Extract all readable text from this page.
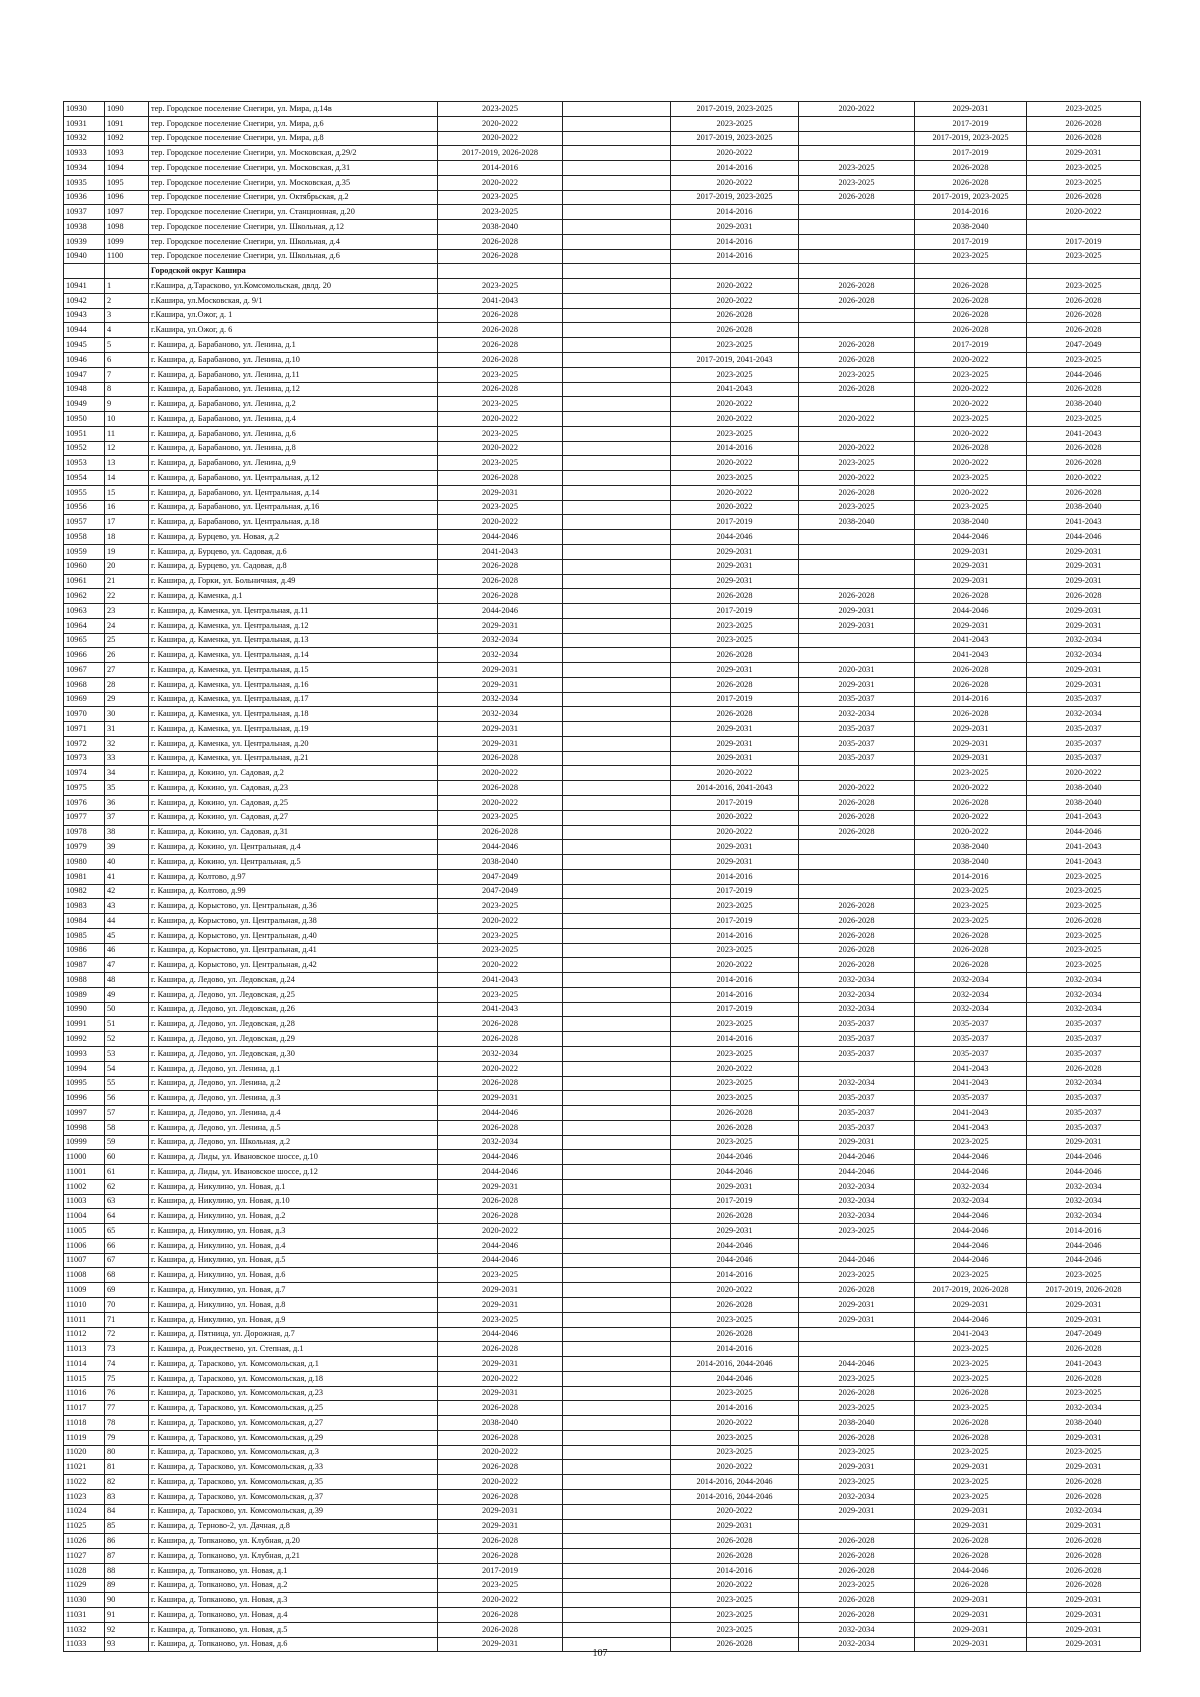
10930	1090	тер. Городское поселение Снегири, ул. Мира, д.14в	2023-2025		2017-2019, 2023-2025	2020-2022	2029-2031	2023-2025
10931	1091	тер. Городское поселение Снегири, ул. Мира, д.6	2020-2022		2023-2025		2017-2019	2026-2028
10932	1092	тер. Городское поселение Снегири, ул. Мира, д.8	2020-2022		2017-2019, 2023-2025		2017-2019, 2023-2025	2026-2028
10933	1093	тер. Городское поселение Снегири, ул. Московская, д.29/2	2017-2019, 2026-2028		2020-2022		2017-2019	2029-2031
10934	1094	тер. Городское поселение Снегири, ул. Московская, д.31	2014-2016		2014-2016	2023-2025	2026-2028	2023-2025
10935	1095	тер. Городское поселение Снегири, ул. Московская, д.35	2020-2022		2020-2022	2023-2025	2026-2028	2023-2025
10936	1096	тер. Городское поселение Снегири, ул. Октябрьская, д.2	2023-2025		2017-2019, 2023-2025	2026-2028	2017-2019, 2023-2025	2026-2028
10937	1097	тер. Городское поселение Снегири, ул. Станционная, д.20	2023-2025		2014-2016		2014-2016	2020-2022
10938	1098	тер. Городское поселение Снегири, ул. Школьная, д.12	2038-2040		2029-2031		2038-2040	
10939	1099	тер. Городское поселение Снегири, ул. Школьная, д.4	2026-2028		2014-2016		2017-2019	2017-2019
10940	1100	тер. Городское поселение Снегири, ул. Школьная, д.6	2026-2028		2014-2016		2023-2025	2023-2025
		Городской округ Кашира						
10941	1	г.Кашира, д.Тарасково, ул.Комсомольская, двлд. 20	2023-2025		2020-2022	2026-2028	2026-2028	2023-2025
10942	2	г.Кашира, ул.Московская, д. 9/1	2041-2043		2020-2022	2026-2028	2026-2028	2026-2028
10943	3	г.Кашира, ул.Ожог, д. 1	2026-2028		2026-2028		2026-2028	2026-2028
10944	4	г.Кашира, ул.Ожог, д. 6	2026-2028		2026-2028		2026-2028	2026-2028
10945	5	г. Кашира, д. Барабаново, ул. Ленина, д.1	2026-2028		2023-2025	2026-2028	2017-2019	2047-2049
10946	6	г. Кашира, д. Барабаново, ул. Ленина, д.10	2026-2028		2017-2019, 2041-2043	2026-2028	2020-2022	2023-2025
10947	7	г. Кашира, д. Барабаново, ул. Ленина, д.11	2023-2025		2023-2025	2023-2025	2023-2025	2044-2046
10948	8	г. Кашира, д. Барабаново, ул. Ленина, д.12	2026-2028		2041-2043	2026-2028	2020-2022	2026-2028
10949	9	г. Кашира, д. Барабаново, ул. Ленина, д.2	2023-2025		2020-2022		2020-2022	2038-2040
10950	10	г. Кашира, д. Барабаново, ул. Ленина, д.4	2020-2022		2020-2022	2020-2022	2023-2025	2023-2025
10951	11	г. Кашира, д. Барабаново, ул. Ленина, д.6	2023-2025		2023-2025		2020-2022	2041-2043
10952	12	г. Кашира, д. Барабаново, ул. Ленина, д.8	2020-2022		2014-2016	2020-2022	2026-2028	2026-2028
10953	13	г. Кашира, д. Барабаново, ул. Ленина, д.9	2023-2025		2020-2022	2023-2025	2020-2022	2026-2028
10954	14	г. Кашира, д. Барабаново, ул. Центральная, д.12	2026-2028		2023-2025	2020-2022	2023-2025	2020-2022
10955	15	г. Кашира, д. Барабаново, ул. Центральная, д.14	2029-2031		2020-2022	2026-2028	2020-2022	2026-2028
10956	16	г. Кашира, д. Барабаново, ул. Центральная, д.16	2023-2025		2020-2022	2023-2025	2023-2025	2038-2040
10957	17	г. Кашира, д. Барабаново, ул. Центральная, д.18	2020-2022		2017-2019	2038-2040	2038-2040	2041-2043
10958	18	г. Кашира, д. Бурцево, ул. Новая, д.2	2044-2046		2044-2046		2044-2046	2044-2046
10959	19	г. Кашира, д. Бурцево, ул. Садовая, д.6	2041-2043		2029-2031		2029-2031	2029-2031
10960	20	г. Кашира, д. Бурцево, ул. Садовая, д.8	2026-2028		2029-2031		2029-2031	2029-2031
10961	21	г. Кашира, д. Горки, ул. Больничная, д.49	2026-2028		2029-2031		2029-2031	2029-2031
10962	22	г. Кашира, д. Каменка, д.1	2026-2028		2026-2028	2026-2028	2026-2028	2026-2028
10963	23	г. Кашира, д. Каменка, ул. Центральная, д.11	2044-2046		2017-2019	2029-2031	2044-2046	2029-2031
10964	24	г. Кашира, д. Каменка, ул. Центральная, д.12	2029-2031		2023-2025	2029-2031	2029-2031	2029-2031
10965	25	г. Кашира, д. Каменка, ул. Центральная, д.13	2032-2034		2023-2025		2041-2043	2032-2034
10966	26	г. Кашира, д. Каменка, ул. Центральная, д.14	2032-2034		2026-2028		2041-2043	2032-2034
10967	27	г. Кашира, д. Каменка, ул. Центральная, д.15	2029-2031		2029-2031	2020-2031	2026-2028	2029-2031
10968	28	г. Кашира, д. Каменка, ул. Центральная, д.16	2029-2031		2026-2028	2029-2031	2026-2028	2029-2031
10969	29	г. Кашира, д. Каменка, ул. Центральная, д.17	2032-2034		2017-2019	2035-2037	2014-2016	2035-2037
10970	30	г. Кашира, д. Каменка, ул. Центральная, д.18	2032-2034		2026-2028	2032-2034	2026-2028	2032-2034
10971	31	г. Кашира, д. Каменка, ул. Центральная, д.19	2029-2031		2029-2031	2035-2037	2029-2031	2035-2037
10972	32	г. Кашира, д. Каменка, ул. Центральная, д.20	2029-2031		2029-2031	2035-2037	2029-2031	2035-2037
10973	33	г. Кашира, д. Каменка, ул. Центральная, д.21	2026-2028		2029-2031	2035-2037	2029-2031	2035-2037
10974	34	г. Кашира, д. Кокино, ул. Садовая, д.2	2020-2022		2020-2022		2023-2025	2020-2022
10975	35	г. Кашира, д. Кокино, ул. Садовая, д.23	2026-2028		2014-2016, 2041-2043	2020-2022	2020-2022	2038-2040
10976	36	г. Кашира, д. Кокино, ул. Садовая, д.25	2020-2022		2017-2019	2026-2028	2026-2028	2038-2040
10977	37	г. Кашира, д. Кокино, ул. Садовая, д.27	2023-2025		2020-2022	2026-2028	2020-2022	2041-2043
10978	38	г. Кашира, д. Кокино, ул. Садовая, д.31	2026-2028		2020-2022	2026-2028	2020-2022	2044-2046
10979	39	г. Кашира, д. Кокино, ул. Центральная, д.4	2044-2046		2029-2031		2038-2040	2041-2043
10980	40	г. Кашира, д. Кокино, ул. Центральная, д.5	2038-2040		2029-2031		2038-2040	2041-2043
10981	41	г. Кашира, д. Колтово, д.97	2047-2049		2014-2016		2014-2016	2023-2025
10982	42	г. Кашира, д. Колтово, д.99	2047-2049		2017-2019		2023-2025	2023-2025
10983	43	г. Кашира, д. Корыстово, ул. Центральная, д.36	2023-2025		2023-2025	2026-2028	2023-2025	2023-2025
10984	44	г. Кашира, д. Корыстово, ул. Центральная, д.38	2020-2022		2017-2019	2026-2028	2023-2025	2026-2028
10985	45	г. Кашира, д. Корыстово, ул. Центральная, д.40	2023-2025		2014-2016	2026-2028	2026-2028	2023-2025
10986	46	г. Кашира, д. Корыстово, ул. Центральная, д.41	2023-2025		2023-2025	2026-2028	2026-2028	2023-2025
10987	47	г. Кашира, д. Корыстово, ул. Центральная, д.42	2020-2022		2020-2022	2026-2028	2026-2028	2023-2025
10988	48	г. Кашира, д. Ледово, ул. Ледовская, д.24	2041-2043		2014-2016	2032-2034	2032-2034	2032-2034
10989	49	г. Кашира, д. Ледово, ул. Ледовская, д.25	2023-2025		2014-2016	2032-2034	2032-2034	2032-2034
10990	50	г. Кашира, д. Ледово, ул. Ледовская, д.26	2041-2043		2017-2019	2032-2034	2032-2034	2032-2034
10991	51	г. Кашира, д. Ледово, ул. Ледовская, д.28	2026-2028		2023-2025	2035-2037	2035-2037	2035-2037
10992	52	г. Кашира, д. Ледово, ул. Ледовская, д.29	2026-2028		2014-2016	2035-2037	2035-2037	2035-2037
10993	53	г. Кашира, д. Ледово, ул. Ледовская, д.30	2032-2034		2023-2025	2035-2037	2035-2037	2035-2037
10994	54	г. Кашира, д. Ледово, ул. Ленина, д.1	2020-2022		2020-2022		2041-2043	2026-2028
10995	55	г. Кашира, д. Ледово, ул. Ленина, д.2	2026-2028		2023-2025	2032-2034	2041-2043	2032-2034
10996	56	г. Кашира, д. Ледово, ул. Ленина, д.3	2029-2031		2023-2025	2035-2037	2035-2037	2035-2037
10997	57	г. Кашира, д. Ледово, ул. Ленина, д.4	2044-2046		2026-2028	2035-2037	2041-2043	2035-2037
10998	58	г. Кашира, д. Ледово, ул. Ленина, д.5	2026-2028		2026-2028	2035-2037	2041-2043	2035-2037
10999	59	г. Кашира, д. Ледово, ул. Школьная, д.2	2032-2034		2023-2025	2029-2031	2023-2025	2029-2031
11000	60	г. Кашира, д. Лиды, ул. Ивановское шоссе, д.10	2044-2046		2044-2046	2044-2046	2044-2046	2044-2046
11001	61	г. Кашира, д. Лиды, ул. Ивановское шоссе, д.12	2044-2046		2044-2046	2044-2046	2044-2046	2044-2046
11002	62	г. Кашира, д. Никулино, ул. Новая, д.1	2029-2031		2029-2031	2032-2034	2032-2034	2032-2034
11003	63	г. Кашира, д. Никулино, ул. Новая, д.10	2026-2028		2017-2019	2032-2034	2032-2034	2032-2034
11004	64	г. Кашира, д. Никулино, ул. Новая, д.2	2026-2028		2026-2028	2032-2034	2044-2046	2032-2034
11005	65	г. Кашира, д. Никулино, ул. Новая, д.3	2020-2022		2029-2031	2023-2025	2044-2046	2014-2016
11006	66	г. Кашира, д. Никулино, ул. Новая, д.4	2044-2046		2044-2046		2044-2046	2044-2046
11007	67	г. Кашира, д. Никулино, ул. Новая, д.5	2044-2046		2044-2046	2044-2046	2044-2046	2044-2046
11008	68	г. Кашира, д. Никулино, ул. Новая, д.6	2023-2025		2014-2016	2023-2025	2023-2025	2023-2025
11009	69	г. Кашира, д. Никулино, ул. Новая, д.7	2029-2031		2020-2022	2026-2028	2017-2019, 2026-2028	2017-2019, 2026-2028
11010	70	г. Кашира, д. Никулино, ул. Новая, д.8	2029-2031		2026-2028	2029-2031	2029-2031	2029-2031
11011	71	г. Кашира, д. Никулино, ул. Новая, д.9	2023-2025		2023-2025	2029-2031	2044-2046	2029-2031
11012	72	г. Кашира, д. Пятница, ул. Дорожная, д.7	2044-2046		2026-2028		2041-2043	2047-2049
11013	73	г. Кашира, д. Рождествено, ул. Степная, д.1	2026-2028		2014-2016		2023-2025	2026-2028
11014	74	г. Кашира, д. Тарасково, ул. Комсомольская, д.1	2029-2031		2014-2016, 2044-2046	2044-2046	2023-2025	2041-2043
11015	75	г. Кашира, д. Тарасково, ул. Комсомольская, д.18	2020-2022		2044-2046	2023-2025	2023-2025	2026-2028
11016	76	г. Кашира, д. Тарасково, ул. Комсомольская, д.23	2029-2031		2023-2025	2026-2028	2026-2028	2023-2025
11017	77	г. Кашира, д. Тарасково, ул. Комсомольская, д.25	2026-2028		2014-2016	2023-2025	2023-2025	2032-2034
11018	78	г. Кашира, д. Тарасково, ул. Комсомольская, д.27	2038-2040		2020-2022	2038-2040	2026-2028	2038-2040
11019	79	г. Кашира, д. Тарасково, ул. Комсомольская, д.29	2026-2028		2023-2025	2026-2028	2026-2028	2029-2031
11020	80	г. Кашира, д. Тарасково, ул. Комсомольская, д.3	2020-2022		2023-2025	2023-2025	2023-2025	2023-2025
11021	81	г. Кашира, д. Тарасково, ул. Комсомольская, д.33	2026-2028		2020-2022	2029-2031	2029-2031	2029-2031
11022	82	г. Кашира, д. Тарасково, ул. Комсомольская, д.35	2020-2022		2014-2016, 2044-2046	2023-2025	2023-2025	2026-2028
11023	83	г. Кашира, д. Тарасково, ул. Комсомольская, д.37	2026-2028		2014-2016, 2044-2046	2032-2034	2023-2025	2026-2028
11024	84	г. Кашира, д. Тарасково, ул. Комсомольская, д.39	2029-2031		2020-2022	2029-2031	2029-2031	2032-2034
11025	85	г. Кашира, д. Терново-2, ул. Дачная, д.8	2029-2031		2029-2031		2029-2031	2029-2031
11026	86	г. Кашира, д. Топканово, ул. Клубная, д.20	2026-2028		2026-2028	2026-2028	2026-2028	2026-2028
11027	87	г. Кашира, д. Топканово, ул. Клубная, д.21	2026-2028		2026-2028	2026-2028	2026-2028	2026-2028
11028	88	г. Кашира, д. Топканово, ул. Новая, д.1	2017-2019		2014-2016	2026-2028	2044-2046	2026-2028
11029	89	г. Кашира, д. Топканово, ул. Новая, д.2	2023-2025		2020-2022	2023-2025	2026-2028	2026-2028
11030	90	г. Кашира, д. Топканово, ул. Новая, д.3	2020-2022		2023-2025	2026-2028	2029-2031	2029-2031
11031	91	г. Кашира, д. Топканово, ул. Новая, д.4	2026-2028		2023-2025	2026-2028	2029-2031	2029-2031
11032	92	г. Кашира, д. Топканово, ул. Новая, д.5	2026-2028		2023-2025	2032-2034	2029-2031	2029-2031
11033	93	г. Кашира, д. Топканово, ул. Новая, д.6	2029-2031		2026-2028	2032-2034	2029-2031	2029-2031
107
